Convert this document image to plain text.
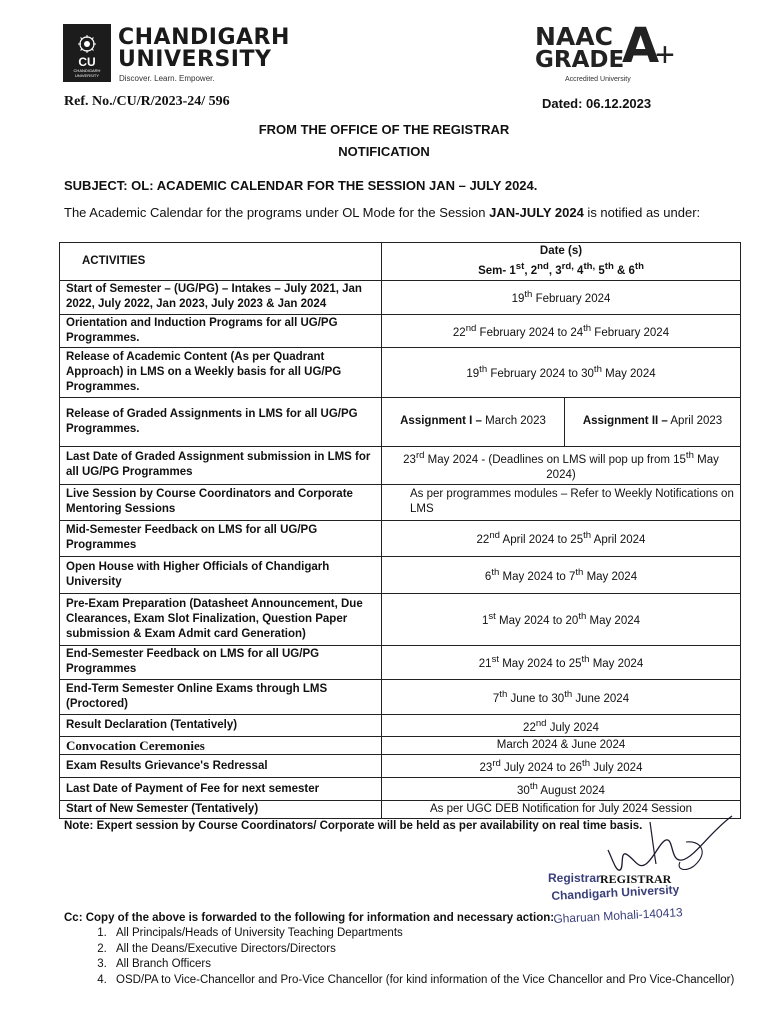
CU
CHANDIGARH UNIVERSITY
CHANDIGARH
UNIVERSITY
Discover. Learn. Empower.
NAAC
GRADE
A
+
Accredited University
Ref. No./CU/R/2023-24/ 596	Dated: 06.12.2023
FROM THE OFFICE OF THE REGISTRAR
NOTIFICATION
SUBJECT: OL: ACADEMIC CALENDAR FOR THE SESSION JAN – JULY 2024.
The Academic Calendar for the programs under OL Mode for the Session JAN-JULY 2024 is notified as under:
ACTIVITIES	Date (s)
Sem- 1st, 2nd, $3^{rd,}$ $4^{th,}$ 5th & 6th

Start of Semester – (UG/PG) – Intakes – July 2021, Jan 2022, July 2022, Jan 2023, July 2023 & Jan 2024	19th February 2024	
Orientation and Induction Programs for all UG/PG Programmes.	22nd February 2024 to 24th February 2024	
Release of Academic Content (As per Quadrant Approach) in LMS on a Weekly basis for all UG/PG Programmes.	19th February 2024 to 30th May 2024	
Release of Graded Assignments in LMS for all UG/PG Programmes.	Assignment I – March 2023	Assignment II – April 2023
Last Date of Graded Assignment submission in LMS for all UG/PG Programmes	23rd May 2024 - (Deadlines on LMS will pop up from 15th May 2024)	
Live Session by Course Coordinators and Corporate Mentoring Sessions	As per programmes modules – Refer to Weekly Notifications on LMS	
Mid-Semester Feedback on LMS for all UG/PG Programmes	22nd April 2024 to 25th April 2024	
Open House with Higher Officials of Chandigarh University	6th May 2024 to 7th May 2024	
Pre-Exam Preparation (Datasheet Announcement, Due Clearances, Exam Slot Finalization, Question Paper submission & Exam Admit card Generation)	1st May 2024 to 20th May 2024	
End-Semester Feedback on LMS for all UG/PG Programmes	21st May 2024 to 25th May 2024	
End-Term Semester Online Exams through LMS (Proctored)	7th June to 30th June 2024	
Result Declaration (Tentatively)	22nd July 2024	
Convocation Ceremonies	March 2024 & June 2024	
Exam Results Grievance's Redressal	23rd July 2024 to 26th July 2024	
Last Date of Payment of Fee for next semester	30th August 2024	
Start of New Semester (Tentatively)	As per UGC DEB Notification for July 2024 Session	
Note: Expert session by Course Coordinators/ Corporate will be held as per availability on real time basis.
Registrar REGISTRAR
Chandigarh University
Gharuan Mohali-140413
Cc: Copy of the above is forwarded to the following for information and necessary action:
1. All Principals/Heads of University Teaching Departments
2. All the Deans/Executive Directors/Directors
3. All Branch Officers
4. OSD/PA to Vice-Chancellor and Pro-Vice Chancellor (for kind information of the Vice Chancellor and Pro Vice-Chancellor)
